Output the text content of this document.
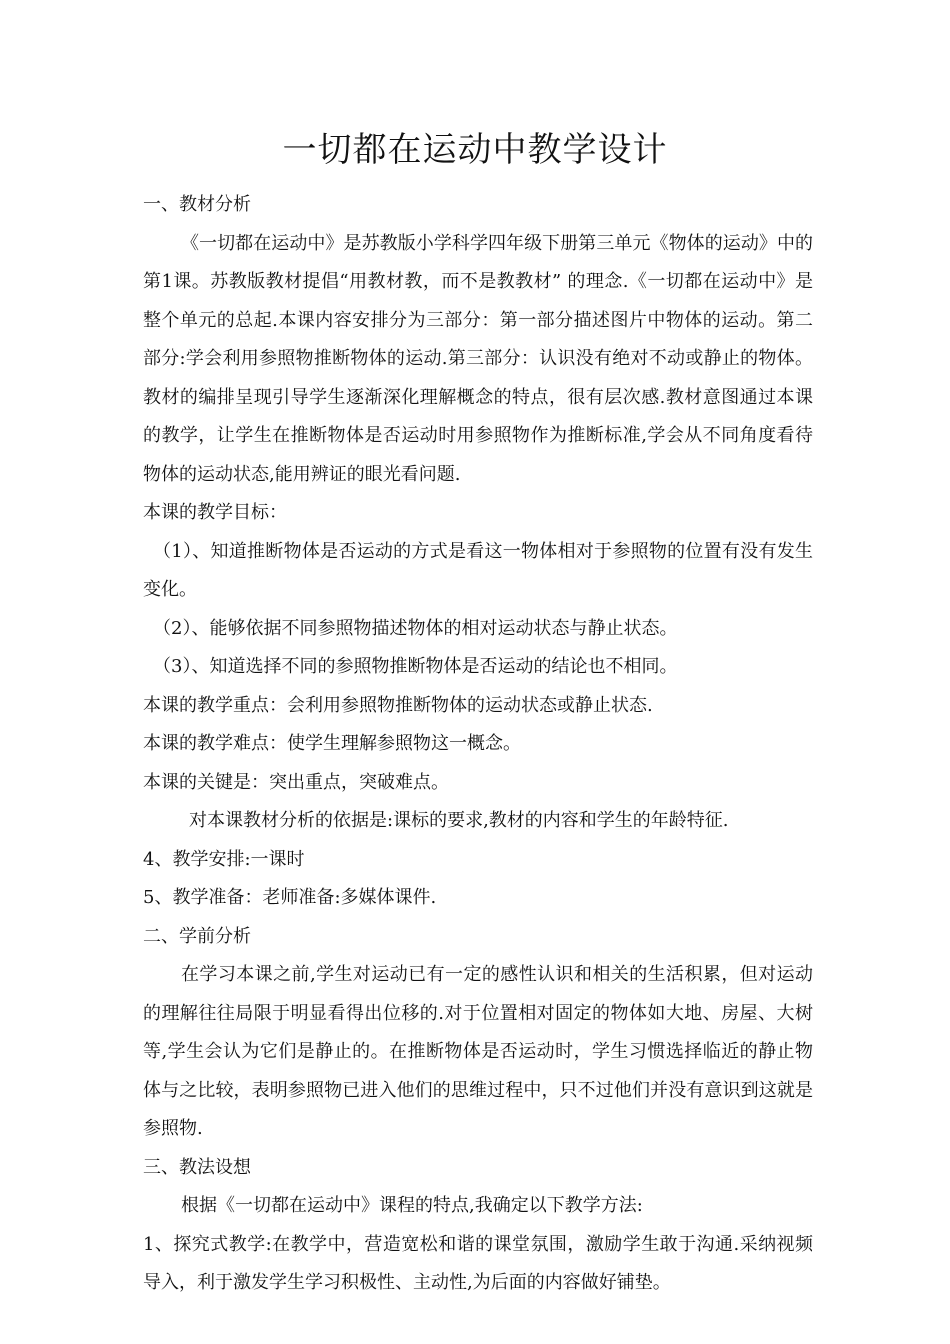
一切都在运动中教学设计

一、教材分析

《一切都在运动中》是苏教版小学科学四年级下册第三单元《物体的运动》中的第1课。苏教版教材提倡“用教材教，而不是教教材” 的理念.《一切都在运动中》是整个单元的总起.本课内容安排分为三部分：第一部分描述图片中物体的运动。第二部分:学会利用参照物推断物体的运动.第三部分：认识没有绝对不动或静止的物体。教材的编排呈现引导学生逐渐深化理解概念的特点，很有层次感.教材意图通过本课的教学，让学生在推断物体是否运动时用参照物作为推断标准,学会从不同角度看待物体的运动状态,能用辨证的眼光看问题.

本课的教学目标：

（1）、知道推断物体是否运动的方式是看这一物体相对于参照物的位置有没有发生变化。

（2）、能够依据不同参照物描述物体的相对运动状态与静止状态。

（3）、知道选择不同的参照物推断物体是否运动的结论也不相同。

本课的教学重点：会利用参照物推断物体的运动状态或静止状态.

本课的教学难点：使学生理解参照物这一概念。

本课的关键是：突出重点，突破难点。

对本课教材分析的依据是:课标的要求,教材的内容和学生的年龄特征.

4、教学安排:一课时

5、教学准备：老师准备:多媒体课件.

二、学前分析

在学习本课之前,学生对运动已有一定的感性认识和相关的生活积累，但对运动的理解往往局限于明显看得出位移的.对于位置相对固定的物体如大地、房屋、大树等,学生会认为它们是静止的。在推断物体是否运动时，学生习惯选择临近的静止物体与之比较，表明参照物已进入他们的思维过程中，只不过他们并没有意识到这就是参照物.

三、教法设想

根据《一切都在运动中》课程的特点,我确定以下教学方法:

1、探究式教学:在教学中，营造宽松和谐的课堂氛围，激励学生敢于沟通.采纳视频导入，利于激发学生学习积极性、主动性,为后面的内容做好铺垫。
